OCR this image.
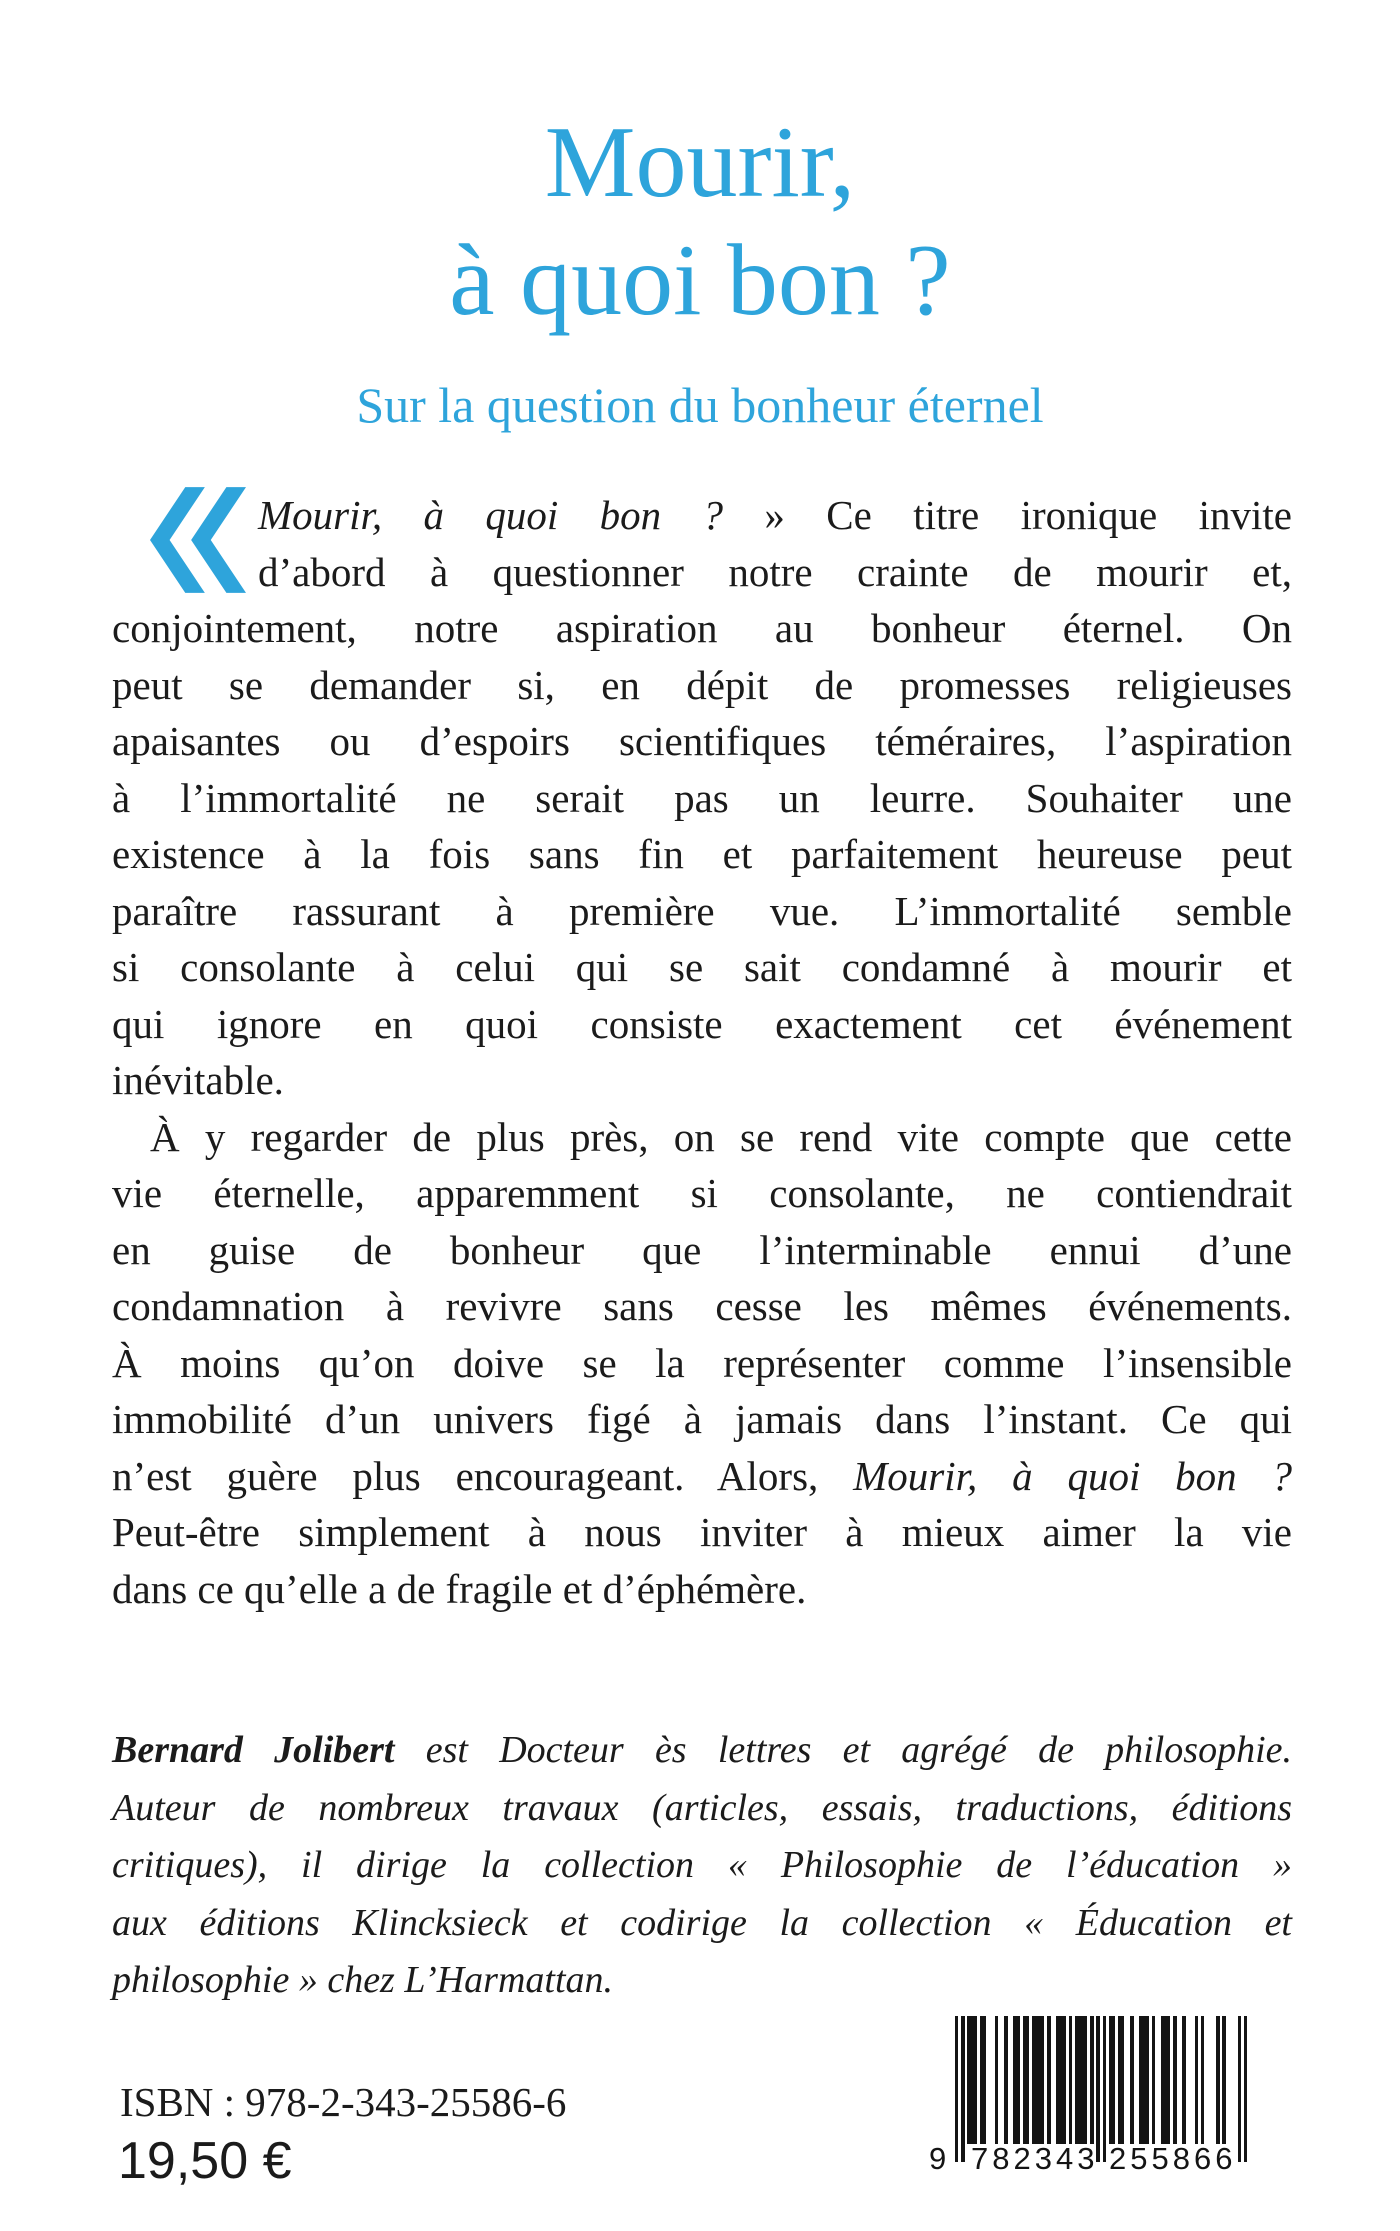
Mourir,
à quoi bon ?
Sur la question du bonheur éternel
Mourir, à quoi bon ? » Ce titre ironique invite
d’abord à questionner notre crainte de mourir et,
conjointement, notre aspiration au bonheur éternel. On
peut se demander si, en dépit de promesses religieuses
apaisantes ou d’espoirs scientifiques téméraires, l’aspiration
à l’immortalité ne serait pas un leurre. Souhaiter une
existence à la fois sans fin et parfaitement heureuse peut
paraître rassurant à première vue. L’immortalité semble
si consolante à celui qui se sait condamné à mourir et
qui ignore en quoi consiste exactement cet événement
inévitable.
À y regarder de plus près, on se rend vite compte que cette
vie éternelle, apparemment si consolante, ne contiendrait
en guise de bonheur que l’interminable ennui d’une
condamnation à revivre sans cesse les mêmes événements.
À moins qu’on doive se la représenter comme l’insensible
immobilité d’un univers figé à jamais dans l’instant. Ce qui
n’est guère plus encourageant. Alors, Mourir, à quoi bon ?
Peut-être simplement à nous inviter à mieux aimer la vie
dans ce qu’elle a de fragile et d’éphémère.
Bernard Jolibert est Docteur ès lettres et agrégé de philosophie.
Auteur de nombreux travaux (articles, essais, traductions, éditions
critiques), il dirige la collection « Philosophie de l’éducation »
aux éditions Klincksieck et codirige la collection « Éducation et
philosophie » chez L’Harmattan.
ISBN : 978-2-343-25586-6
19,50 €	9 782343 255866
